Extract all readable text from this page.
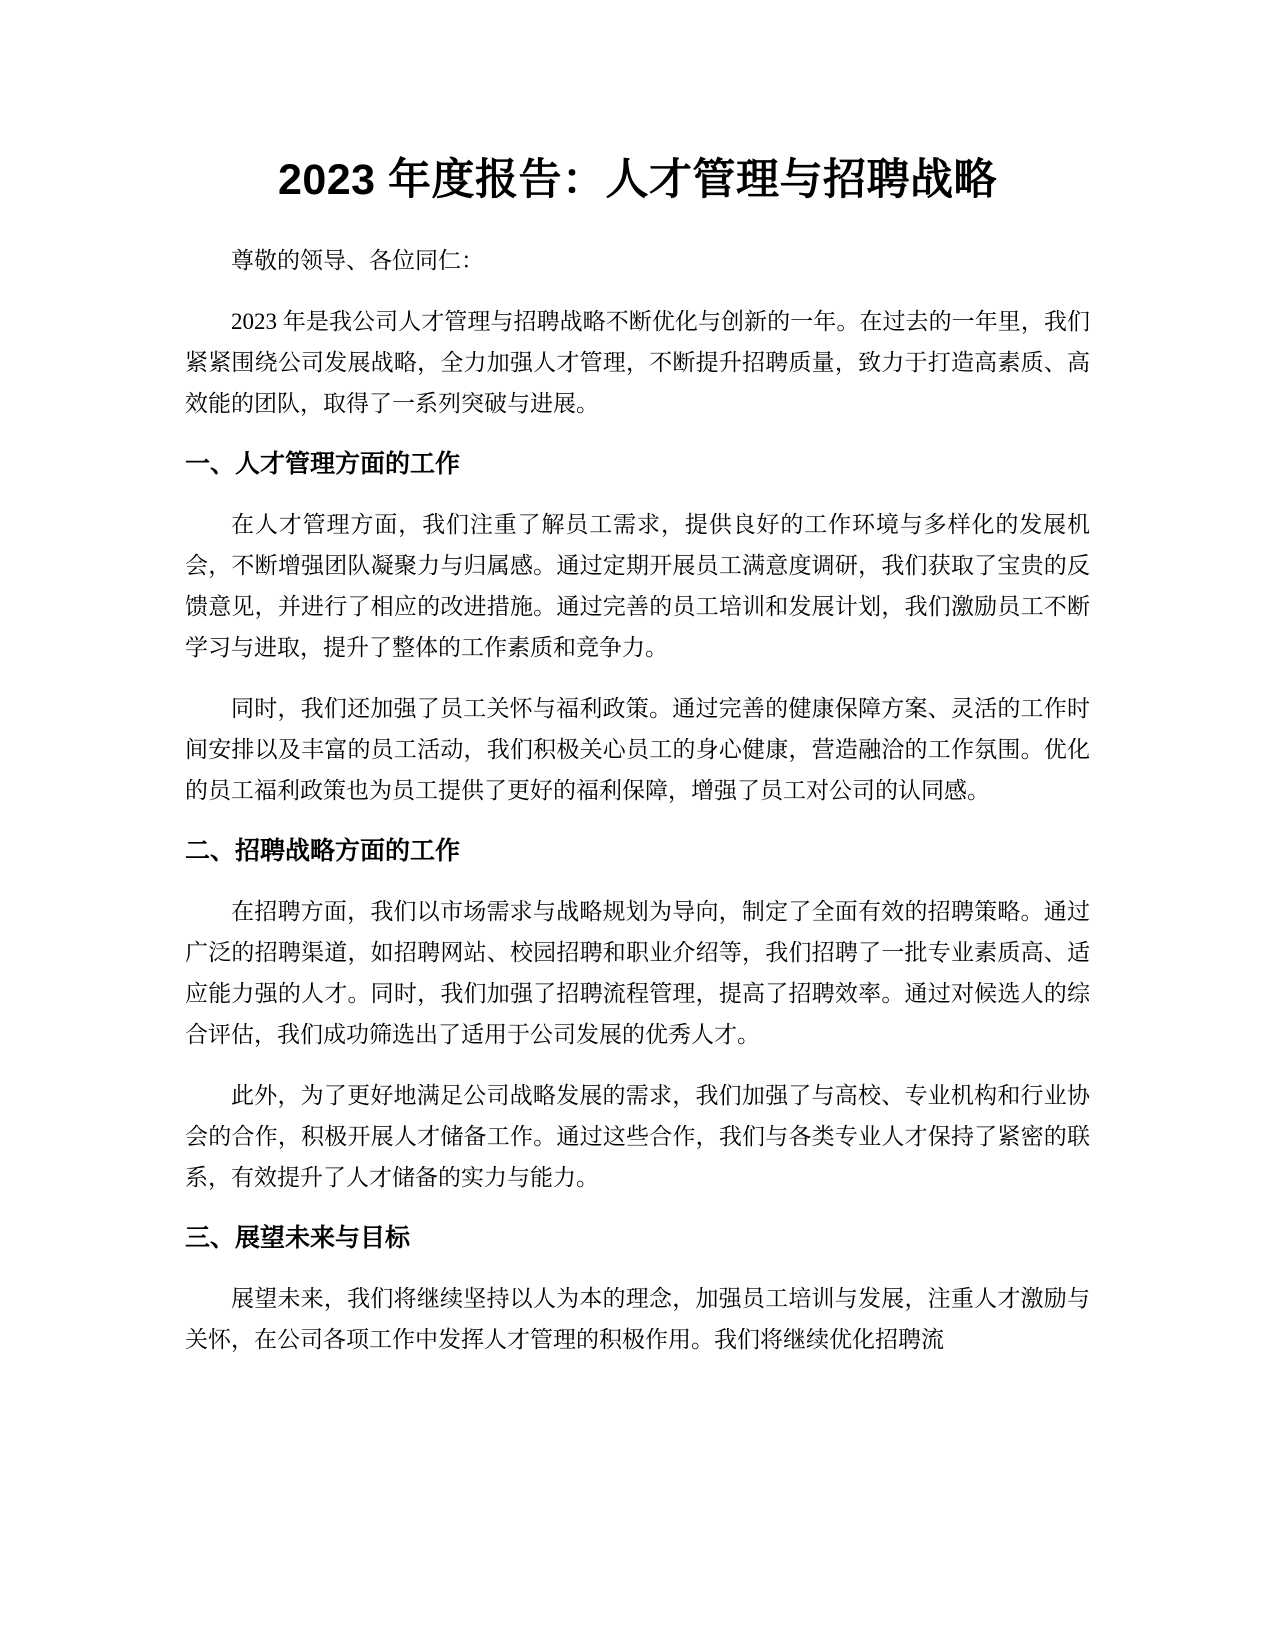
2023 年度报告：人才管理与招聘战略

尊敬的领导、各位同仁：

2023 年是我公司人才管理与招聘战略不断优化与创新的一年。在过去的一年里，我们紧紧围绕公司发展战略，全力加强人才管理，不断提升招聘质量，致力于打造高素质、高效能的团队，取得了一系列突破与进展。

一、人才管理方面的工作

在人才管理方面，我们注重了解员工需求，提供良好的工作环境与多样化的发展机会，不断增强团队凝聚力与归属感。通过定期开展员工满意度调研，我们获取了宝贵的反馈意见，并进行了相应的改进措施。通过完善的员工培训和发展计划，我们激励员工不断学习与进取，提升了整体的工作素质和竞争力。

同时，我们还加强了员工关怀与福利政策。通过完善的健康保障方案、灵活的工作时间安排以及丰富的员工活动，我们积极关心员工的身心健康，营造融洽的工作氛围。优化的员工福利政策也为员工提供了更好的福利保障，增强了员工对公司的认同感。

二、招聘战略方面的工作

在招聘方面，我们以市场需求与战略规划为导向，制定了全面有效的招聘策略。通过广泛的招聘渠道，如招聘网站、校园招聘和职业介绍等，我们招聘了一批专业素质高、适应能力强的人才。同时，我们加强了招聘流程管理，提高了招聘效率。通过对候选人的综合评估，我们成功筛选出了适用于公司发展的优秀人才。

此外，为了更好地满足公司战略发展的需求，我们加强了与高校、专业机构和行业协会的合作，积极开展人才储备工作。通过这些合作，我们与各类专业人才保持了紧密的联系，有效提升了人才储备的实力与能力。

三、展望未来与目标

展望未来，我们将继续坚持以人为本的理念，加强员工培训与发展，注重人才激励与关怀，在公司各项工作中发挥人才管理的积极作用。我们将继续优化招聘流
